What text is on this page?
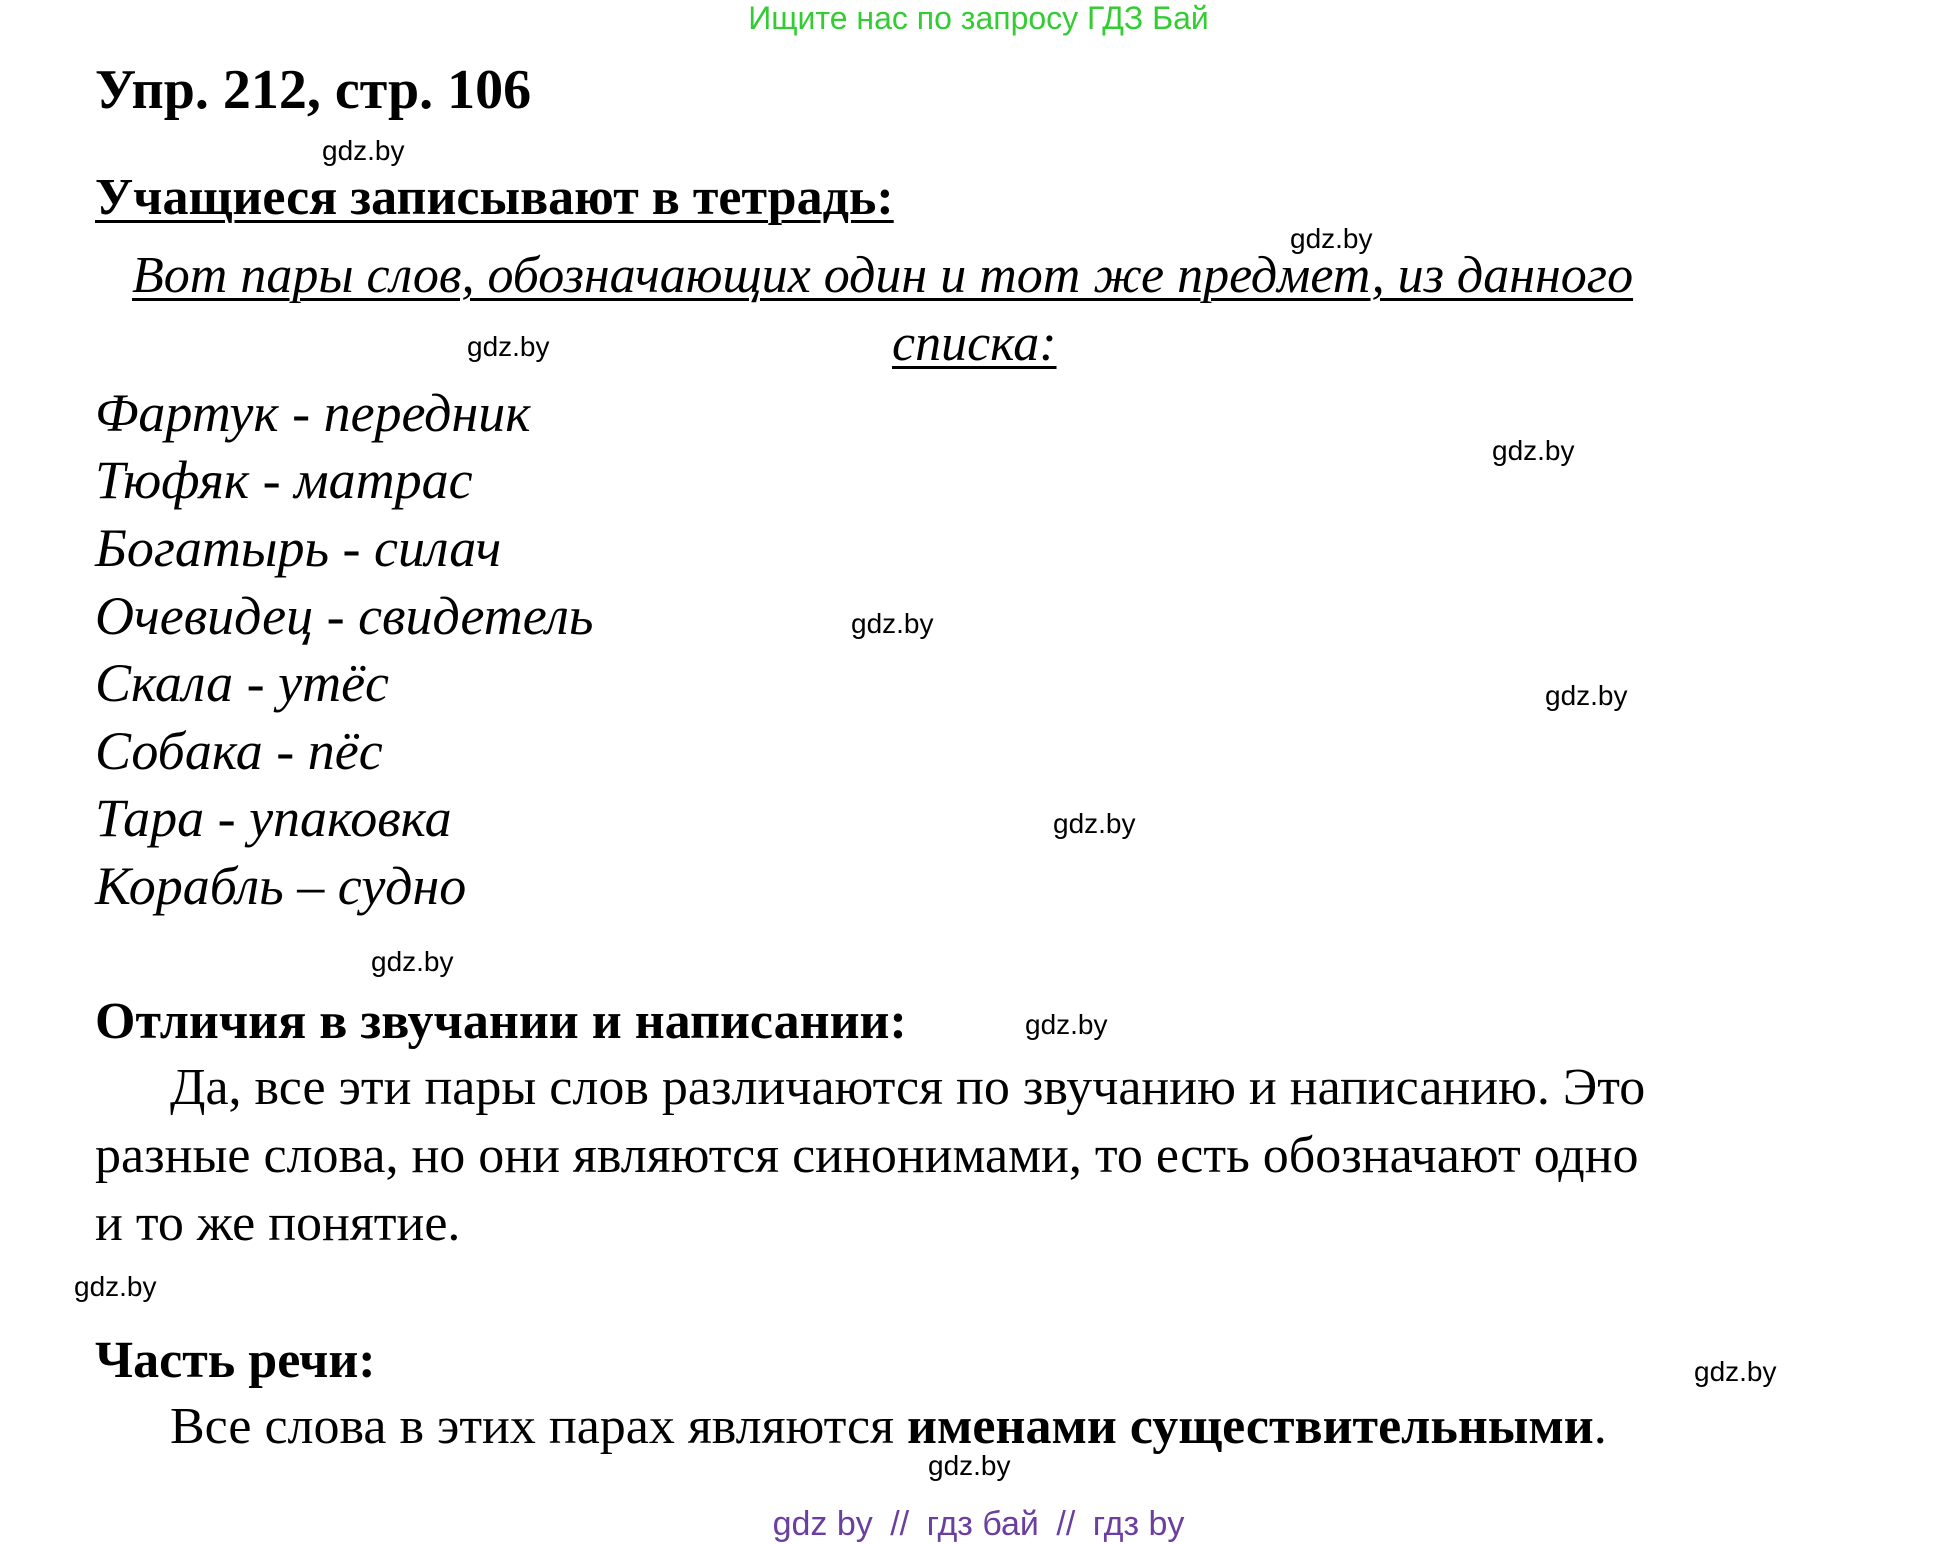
Ищите нас по запросу ГДЗ Бай
Упр. 212, стр. 106
Учащиеся записывают в тетрадь:
Вот пары слов, обозначающих один и тот же предмет, из данного
списка:
Фартук - передник
Тюфяк - матрас
Богатырь - силач
Очевидец - свидетель
Скала - утёс
Собака - пёс
Тара - упаковка
Корабль – судно
Отличия в звучании и написании:
Да, все эти пары слов различаются по звучанию и написанию. Это
разные слова, но они являются синонимами, то есть обозначают одно
и то же понятие.
Часть речи:
Все слова в этих парах являются именами существительными.
gdz.by
gdz.by
gdz.by
gdz.by
gdz.by
gdz.by
gdz.by
gdz.by
gdz.by
gdz.by
gdz.by
gdz.by
gdz by // гдз бай // гдз by
